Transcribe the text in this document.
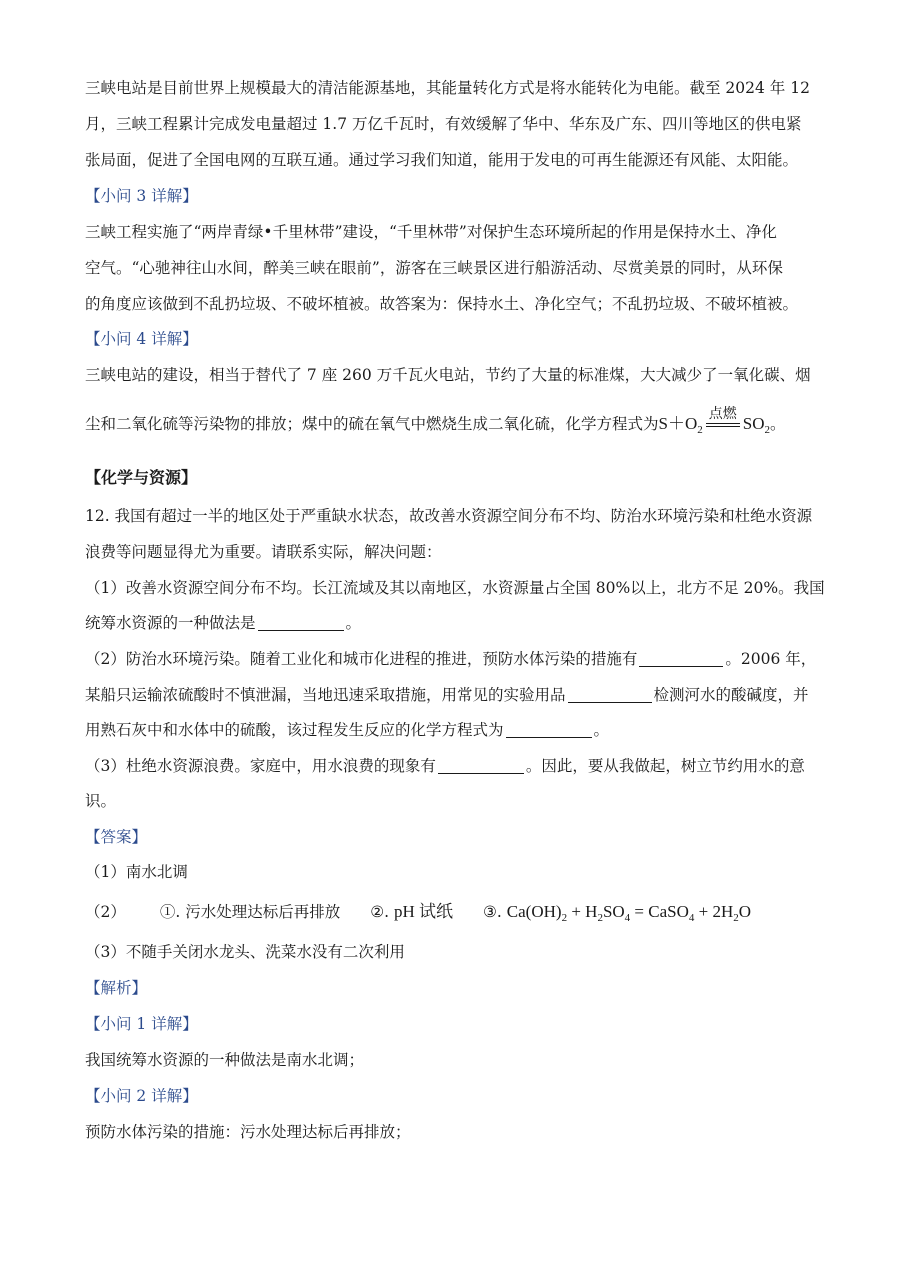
三峡电站是目前世界上规模最大的清洁能源基地，其能量转化方式是将水能转化为电能。截至 2024 年 12
月，三峡工程累计完成发电量超过 1.7 万亿千瓦时，有效缓解了华中、华东及广东、四川等地区的供电紧
张局面，促进了全国电网的互联互通。通过学习我们知道，能用于发电的可再生能源还有风能、太阳能。
【小问 3 详解】
三峡工程实施了“两岸青绿•千里林带”建设，“千里林带”对保护生态环境所起的作用是保持水土、净化
空气。“心驰神往山水间，醉美三峡在眼前”，游客在三峡景区进行船游活动、尽赏美景的同时，从环保
的角度应该做到不乱扔垃圾、不破坏植被。故答案为：保持水土、净化空气；不乱扔垃圾、不破坏植被。
【小问 4 详解】
三峡电站的建设，相当于替代了 7 座 260 万千瓦火电站，节约了大量的标准煤，大大减少了一氧化碳、烟
尘和二氧化硫等污染物的排放；煤中的硫在氧气中燃烧生成二氧化硫，化学方程式为$S+O_2$
点燃 $SO_2$。
【化学与资源】
12. 我国有超过一半的地区处于严重缺水状态，故改善水资源空间分布不均、防治水环境污染和杜绝水资源
浪费等问题显得尤为重要。请联系实际，解决问题：
（1）改善水资源空间分布不均。长江流域及其以南地区，水资源量占全国 80%以上，北方不足 20%。我国
统筹水资源的一种做法是	。
（2）防治水环境污染。随着工业化和城市化进程的推进，预防水体污染的措施有	。2006 年，
某船只运输浓硫酸时不慎泄漏，当地迅速采取措施，用常见的实验用品	检测河水的酸碱度，并
用熟石灰中和水体中的硫酸，该过程发生反应的化学方程式为	。
（3）杜绝水资源浪费。家庭中，用水浪费的现象有	。因此，要从我做起，树立节约用水的意
识。
【答案】
（1）南水北调
（2） ①. 污水处理达标后再排放 ②. pH 试纸 ③. $Ca(OH)_2 + H_2SO_4$ = CaSO$_4$ + $2H_2O$
（3）不随手关闭水龙头、洗菜水没有二次利用
【解析】
【小问 1 详解】
我国统筹水资源的一种做法是南水北调；
【小问 2 详解】
预防水体污染的措施：污水处理达标后再排放；
